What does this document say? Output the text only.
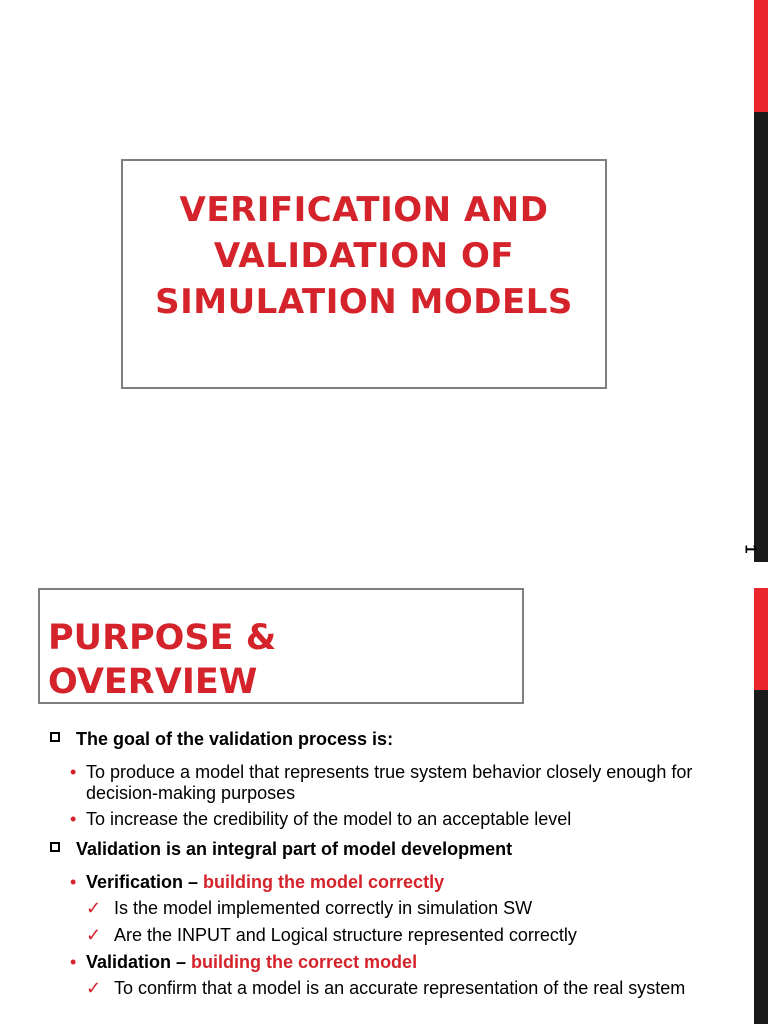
VERIFICATION AND
VALIDATION OF
SIMULATION MODELS
1
PURPOSE &
OVERVIEW
The goal of the validation process is:
• To produce a model that represents true system behavior closely enough for decision-making purposes
• To increase the credibility of the model to an acceptable level
Validation is an integral part of model development
• Verification – building the model correctly
✓ Is the model implemented correctly in simulation SW
✓ Are the INPUT and Logical structure represented correctly
• Validation – building the correct model
✓ To confirm that a model is an accurate representation of the real system
